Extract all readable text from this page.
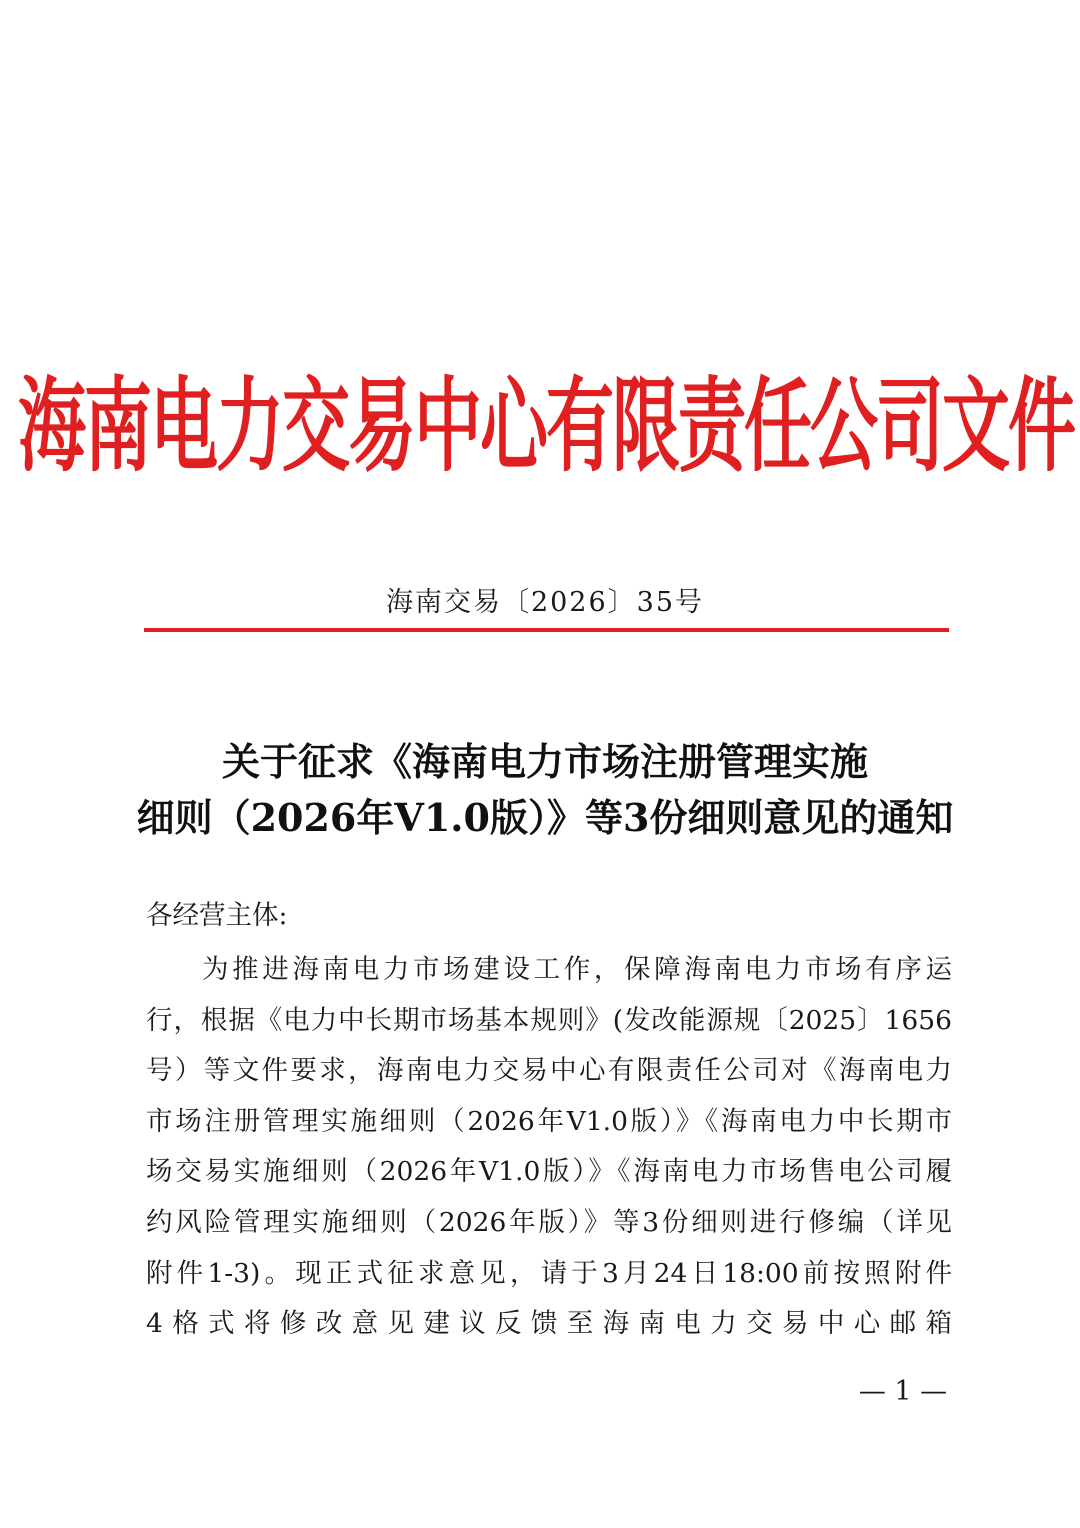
海南电力交易中心有限责任公司文件
海南交易〔2026〕35号
关于征求《海南电力市场注册管理实施
细则（2026年V1.0版）》等3份细则意见的通知
各经营主体:
为推进海南电力市场建设工作，保障海南电力市场有序运
行，根据《电力中长期市场基本规则》(发改能源规〔2025〕1656
号）等文件要求，海南电力交易中心有限责任公司对《海南电力
市场注册管理实施细则（2026年V1.0版）》《海南电力中长期市
场交易实施细则（2026年V1.0版）》《海南电力市场售电公司履
约风险管理实施细则（2026年版）》等3份细则进行修编（详见
附件1-3)。现正式征求意见，请于3月24日18:00前按照附件
4格式将修改意见建议反馈至海南电力交易中心邮箱
— 1 —
